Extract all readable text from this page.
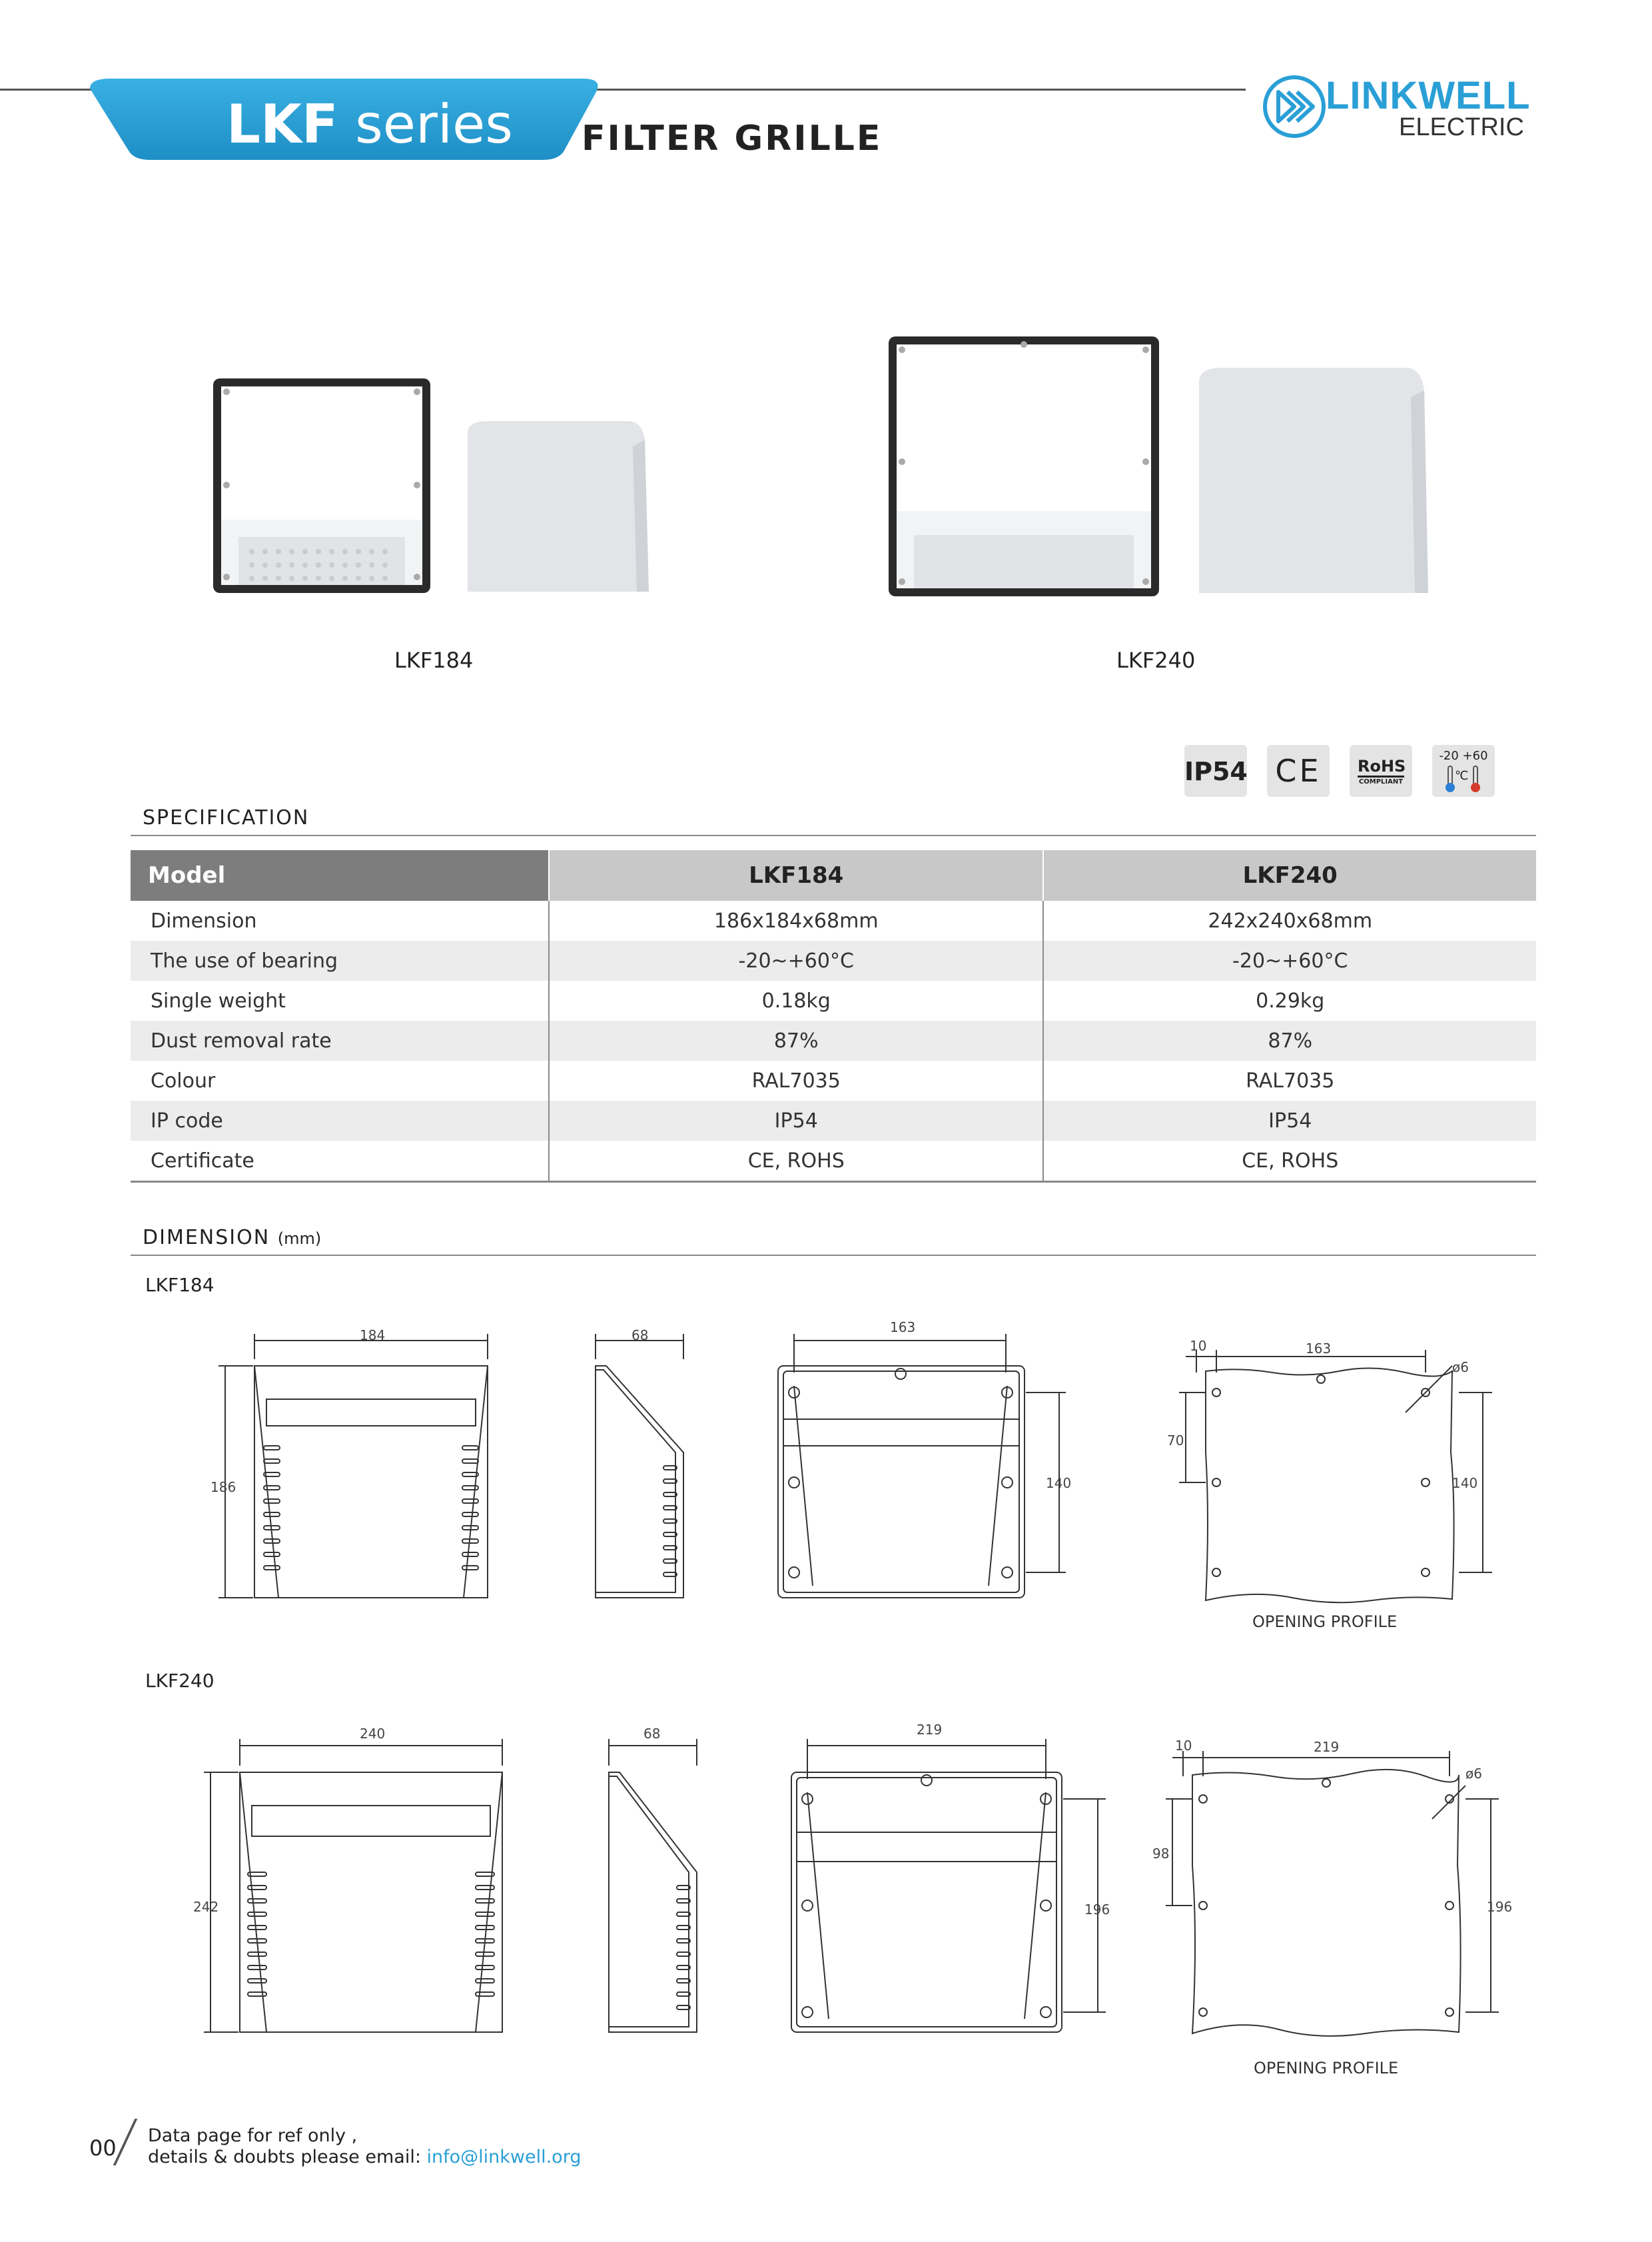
LKF series FILTER GRILLE
LINKWELL
ELECTRIC
LKF184	LKF240
IP54 CE	RoHS
COMPLIANT
-20 +60
℃
SPECIFICATION
Model	LKF184	LKF240
Dimension	186x184x68mm	242x240x68mm
The use of bearing	-20~+60°C	-20~+60°C
Single weight	0.18kg	0.29kg
Dust removal rate	87%	87%
Colour	RAL7035	RAL7035
IP code	IP54	IP54
Certificate	CE, ROHS	CE, ROHS
DIMENSION (mm)
LKF184
184
186
68	163
140
10	163
ø6
70
140
OPENING PROFILE
LKF240
240
242
68	219
196
10	219
ø6
98
196
OPENING PROFILE
00 Data page for ref only ,
details & doubts please email: info@linkwell.org
